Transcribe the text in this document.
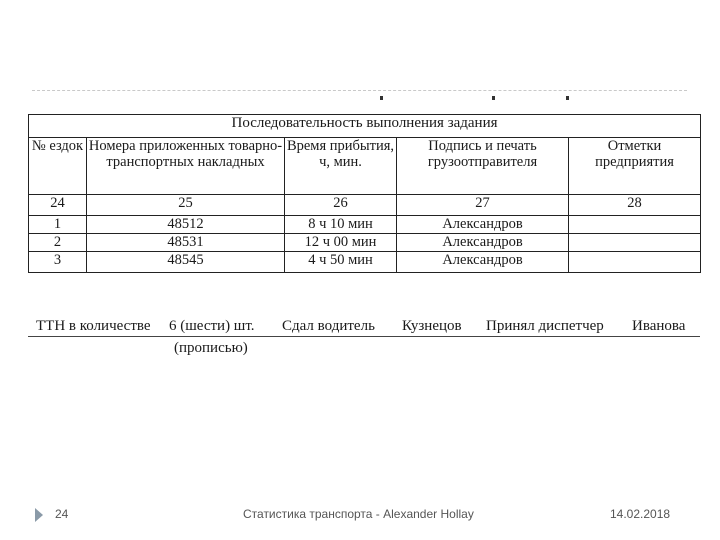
Последовательность выполнения задания				
№ ездок	Номера приложенных товарно-транспортных накладных	Время прибытия, ч, мин.	Подпись и печать грузоотправителя	Отметки предприятия
24	25	26	27	28
1	48512	8 ч 10 мин	Александров	
2	48531	12 ч 00 мин	Александров	
3	48545	4 ч 50 мин	Александров	
ТТН в количестве 6 (шести) шт. Сдал водитель Кузнецов Принял диспетчер Иванова
(прописью)
24	Статистика транспорта - Alexander Hollay	14.02.2018
